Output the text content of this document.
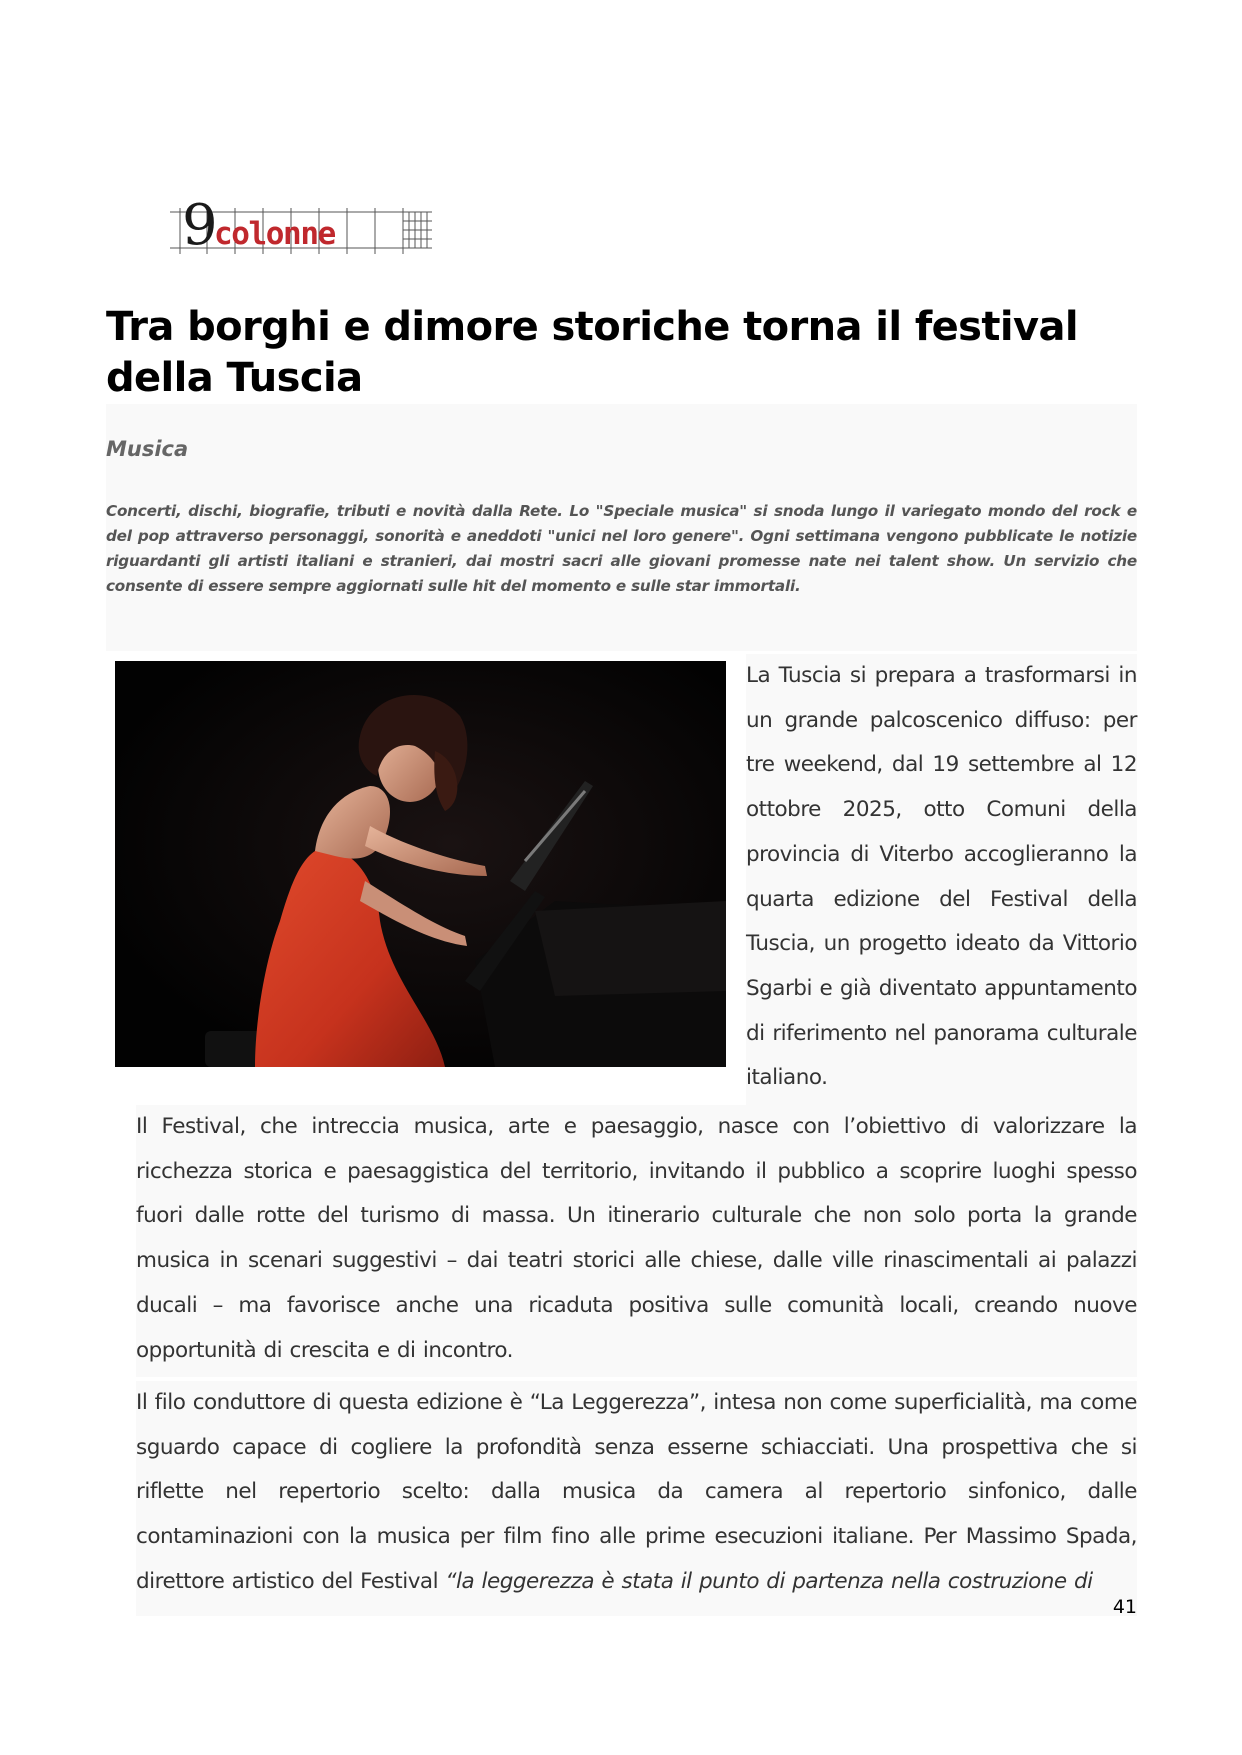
9
colonne
Tra borghi e dimore storiche torna il festival della Tuscia

Musica

Concerti, dischi, biografie, tributi e novità dalla Rete. Lo "Speciale musica" si snoda lungo il variegato mondo del rock e del pop attraverso personaggi, sonorità e aneddoti "unici nel loro genere". Ogni settimana vengono pubblicate le notizie riguardanti gli artisti italiani e stranieri, dai mostri sacri alle giovani promesse nate nei talent show. Un servizio che consente di essere sempre aggiornati sulle hit del momento e sulle star immortali.

La Tuscia si prepara a trasformarsi in un grande palcoscenico diffuso: per tre weekend, dal 19 settembre al 12 ottobre 2025, otto Comuni della provincia di Viterbo accoglieranno la quarta edizione del Festival della Tuscia, un progetto ideato da Vittorio Sgarbi e già diventato appuntamento di riferimento nel panorama culturale italiano.

Il Festival, che intreccia musica, arte e paesaggio, nasce con l’obiettivo di valorizzare la ricchezza storica e paesaggistica del territorio, invitando il pubblico a scoprire luoghi spesso fuori dalle rotte del turismo di massa. Un itinerario culturale che non solo porta la grande musica in scenari suggestivi – dai teatri storici alle chiese, dalle ville rinascimentali ai palazzi ducali – ma favorisce anche una ricaduta positiva sulle comunità locali, creando nuove opportunità di crescita e di incontro.

Il filo conduttore di questa edizione è “La Leggerezza”, intesa non come superficialità, ma come sguardo capace di cogliere la profondità senza esserne schiacciati. Una prospettiva che si riflette nel repertorio scelto: dalla musica da camera al repertorio sinfonico, dalle contaminazioni con la musica per film fino alle prime esecuzioni italiane. Per Massimo Spada, direttore artistico del Festival “la leggerezza è stata il punto di partenza nella costruzione di

41
